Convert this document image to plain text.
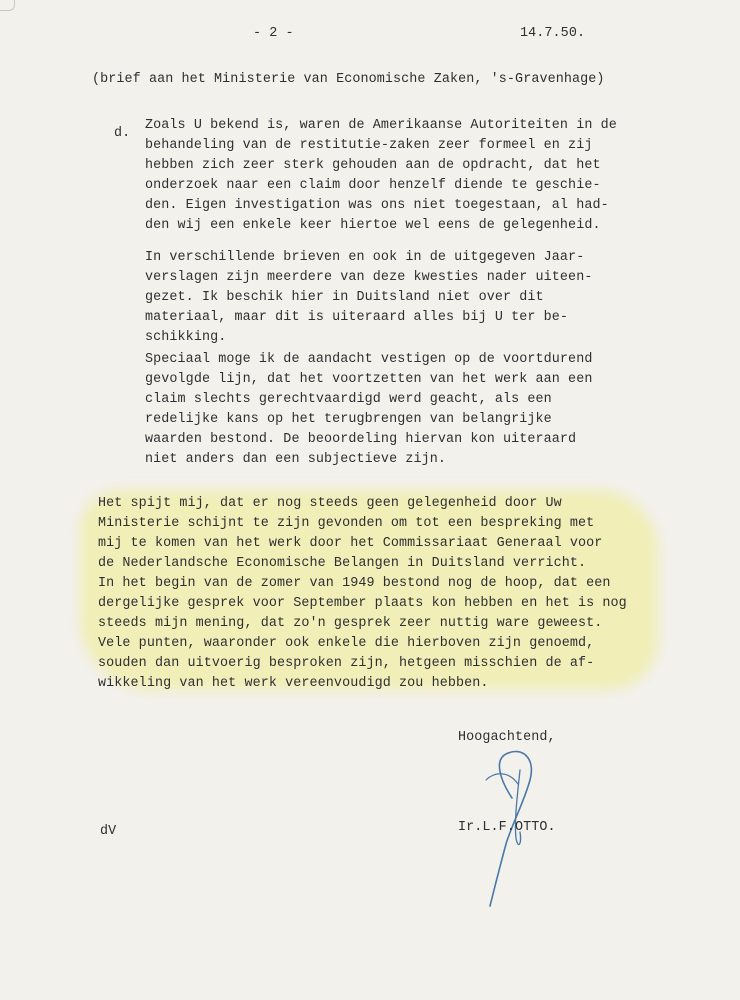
- 2 -	14.7.50.
(brief aan het Ministerie van Economische Zaken, 's-Gravenhage)
d.
Zoals U bekend is, waren de Amerikaanse Autoriteiten in de
behandeling van de restitutie-zaken zeer formeel en zij
hebben zich zeer sterk gehouden aan de opdracht, dat het
onderzoek naar een claim door henzelf diende te geschie-
den. Eigen investigation was ons niet toegestaan, al had-
den wij een enkele keer hiertoe wel eens de gelegenheid.
In verschillende brieven en ook in de uitgegeven Jaar-
verslagen zijn meerdere van deze kwesties nader uiteen-
gezet. Ik beschik hier in Duitsland niet over dit
materiaal, maar dit is uiteraard alles bij U ter be-
schikking.
Speciaal moge ik de aandacht vestigen op de voortdurend
gevolgde lijn, dat het voortzetten van het werk aan een
claim slechts gerechtvaardigd werd geacht, als een
redelijke kans op het terugbrengen van belangrijke
waarden bestond. De beoordeling hiervan kon uiteraard
niet anders dan een subjectieve zijn.
Het spijt mij, dat er nog steeds geen gelegenheid door Uw
Ministerie schijnt te zijn gevonden om tot een bespreking met
mij te komen van het werk door het Commissariaat Generaal voor
de Nederlandsche Economische Belangen in Duitsland verricht.
In het begin van de zomer van 1949 bestond nog de hoop, dat een
dergelijke gesprek voor September plaats kon hebben en het is nog
steeds mijn mening, dat zo'n gesprek zeer nuttig ware geweest.
Vele punten, waaronder ook enkele die hierboven zijn genoemd,
souden dan uitvoerig besproken zijn, hetgeen misschien de af-
wikkeling van het werk vereenvoudigd zou hebben.
Hoogachtend,
dV	Ir.L.F.OTTO.
